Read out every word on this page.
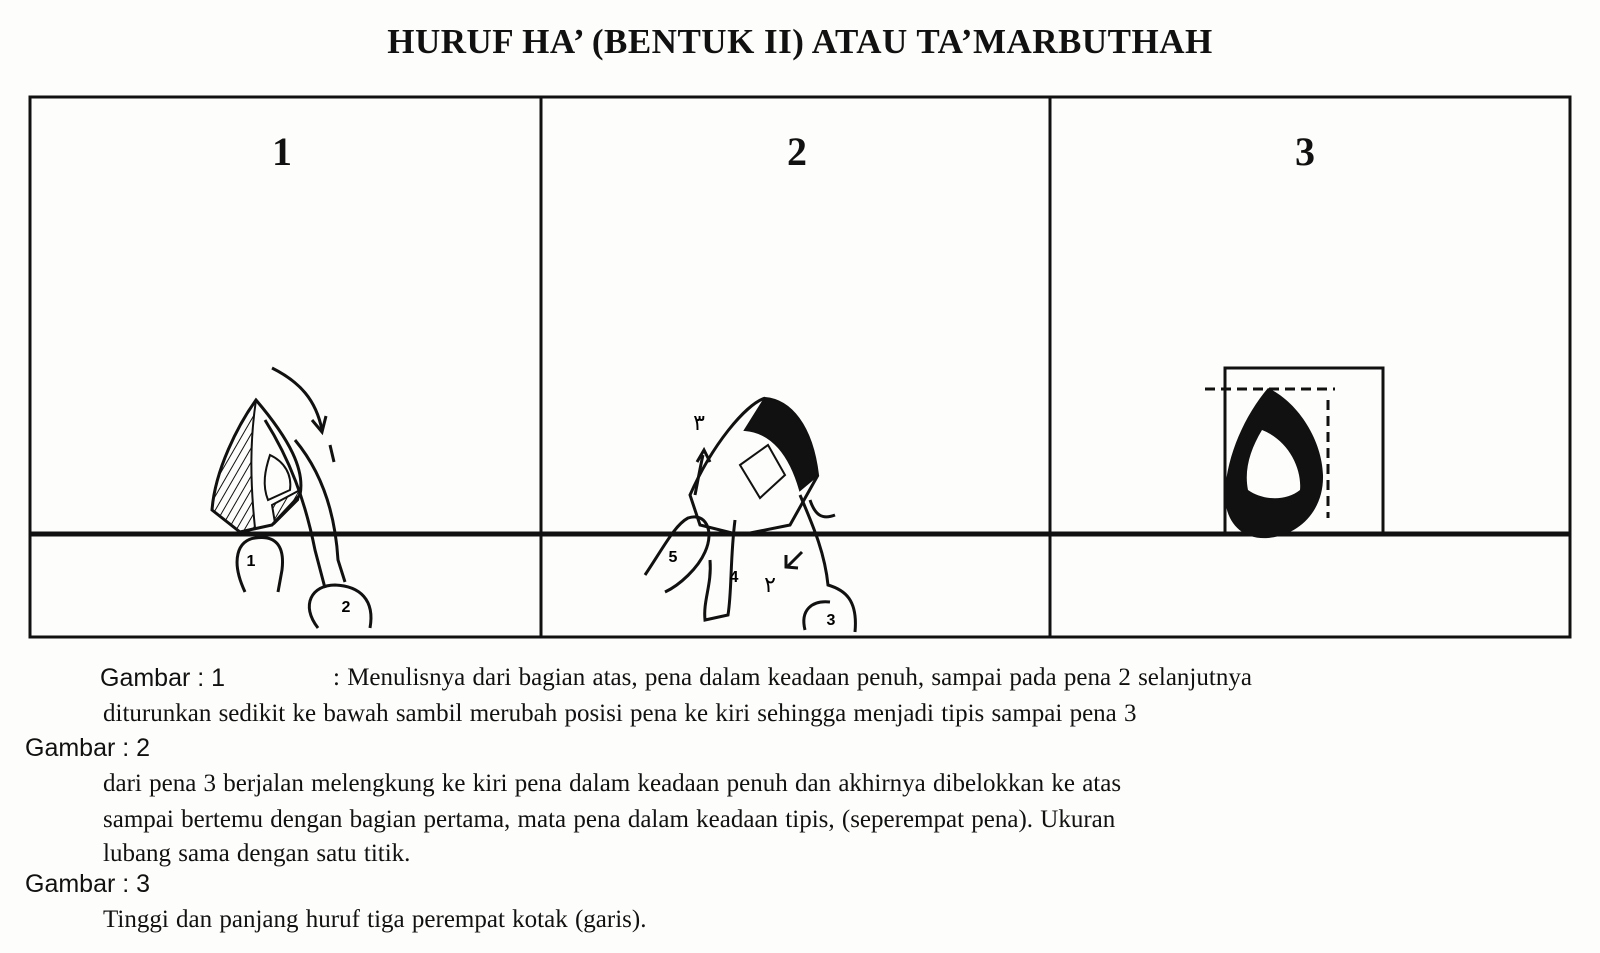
HURUF HA’ (BENTUK II) ATAU TA’MARBUTHAH
1
2
3
4
5
٢
٣
1	2	3
Gambar : 1	: Menulisnya dari bagian atas, pena dalam keadaan penuh, sampai pada pena 2 selanjutnya
diturunkan sedikit ke bawah sambil merubah posisi pena ke kiri sehingga menjadi tipis sampai pena 3
Gambar : 2
dari pena 3 berjalan melengkung ke kiri pena dalam keadaan penuh dan akhirnya dibelokkan ke atas
sampai bertemu dengan bagian pertama, mata pena dalam keadaan tipis, (seperempat pena). Ukuran
lubang sama dengan satu titik.
Gambar : 3
Tinggi dan panjang huruf tiga perempat kotak (garis).
